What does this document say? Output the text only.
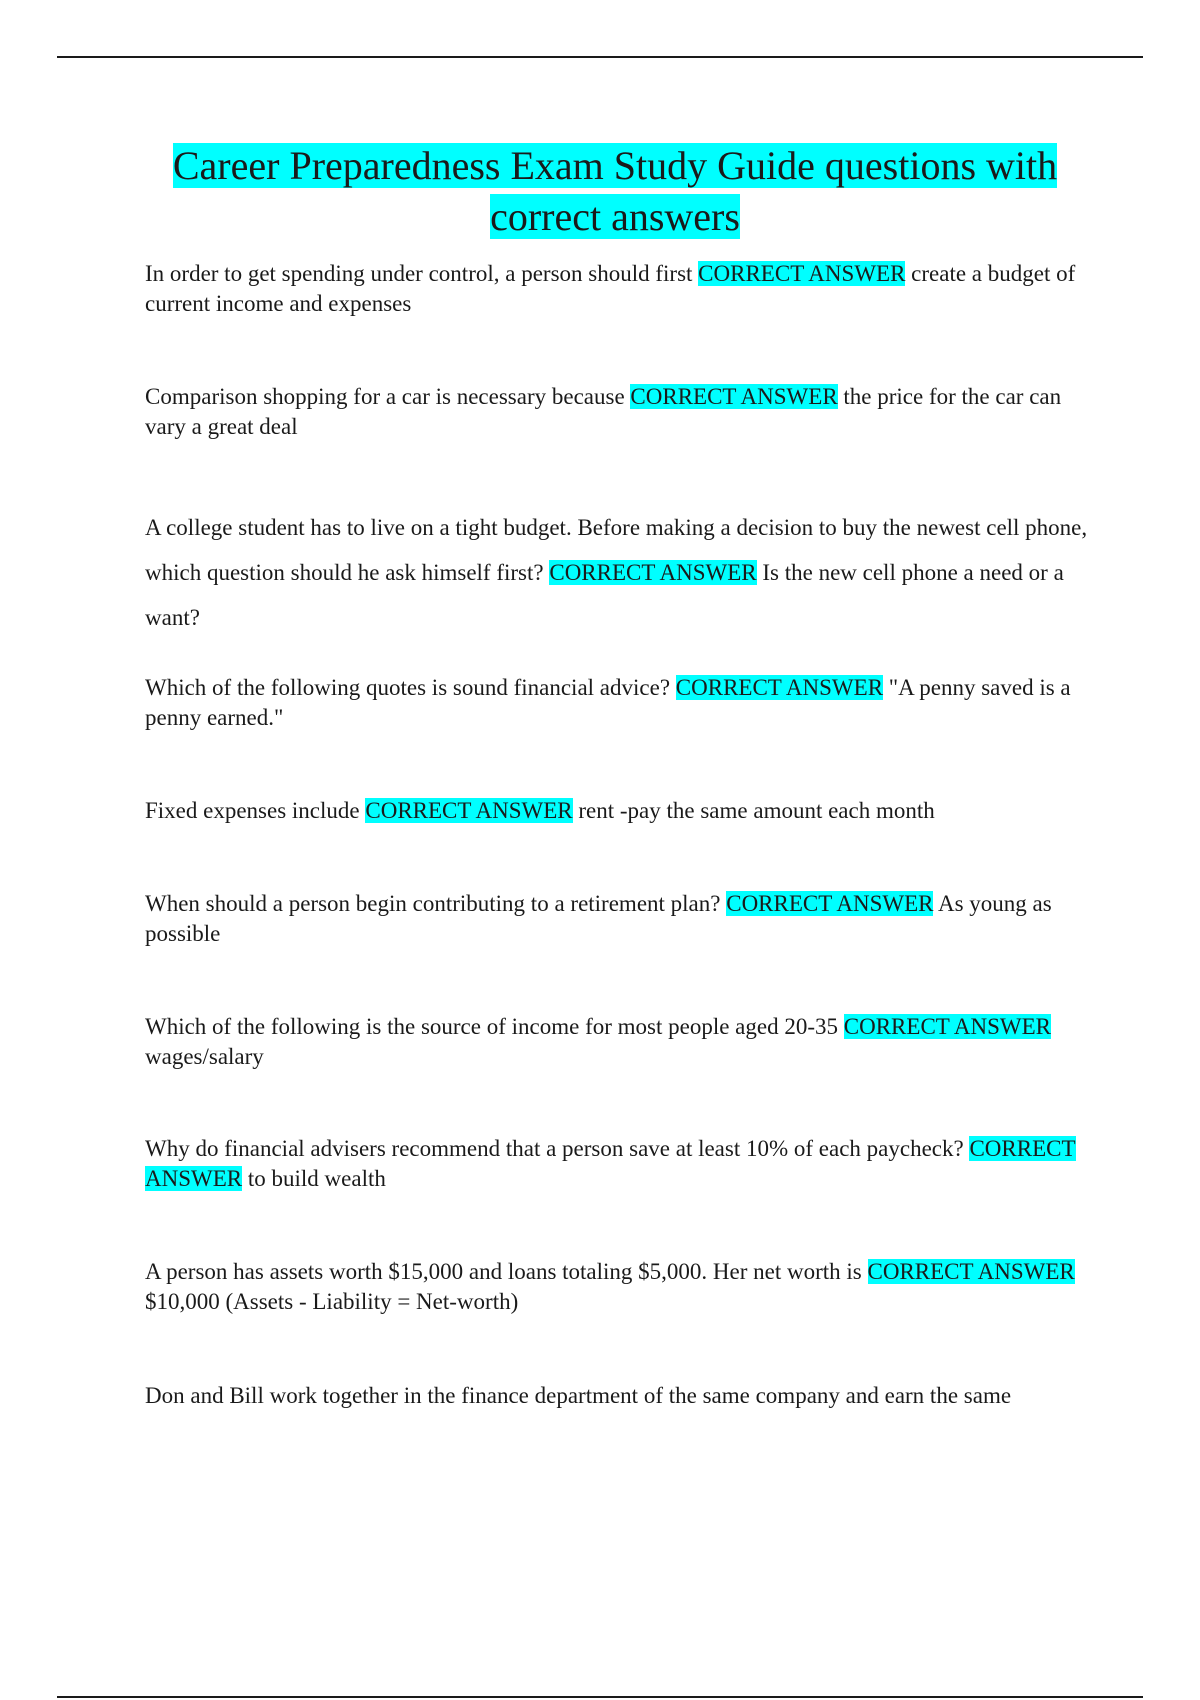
Career Preparedness Exam Study Guide questions with
correct answers

In order to get spending under control, a person should first CORRECT ANSWER create a budget of current income and expenses

Comparison shopping for a car is necessary because CORRECT ANSWER the price for the car can vary a great deal

A college student has to live on a tight budget. Before making a decision to buy the newest cell phone, which question should he ask himself first? CORRECT ANSWER Is the new cell phone a need or a want?

Which of the following quotes is sound financial advice? CORRECT ANSWER "A penny saved is a penny earned."

Fixed expenses include CORRECT ANSWER rent -pay the same amount each month

When should a person begin contributing to a retirement plan? CORRECT ANSWER As young as possible

Which of the following is the source of income for most people aged 20-35 CORRECT ANSWER wages/salary

Why do financial advisers recommend that a person save at least 10% of each paycheck? CORRECT ANSWER to build wealth

A person has assets worth $15,000 and loans totaling $5,000. Her net worth is CORRECT ANSWER $10,000 (Assets - Liability = Net-worth)

Don and Bill work together in the finance department of the same company and earn the same
